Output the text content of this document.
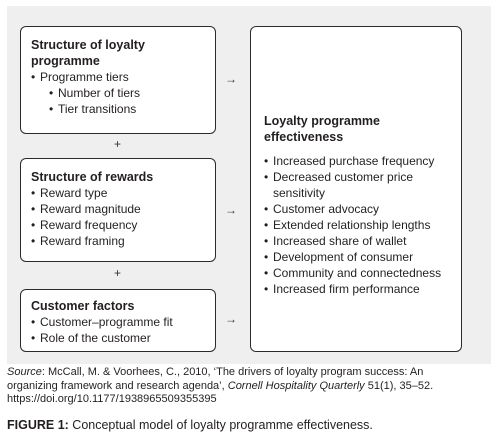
Structure of loyalty programme
• Programme tiers
• Number of tiers
• Tier transitions
+
Structure of rewards
• Reward type
• Reward magnitude
• Reward frequency
• Reward framing
+
Customer factors
• Customer–programme fit
• Role of the customer
→
→
→
Loyalty programme effectiveness
• Increased purchase frequency
• Decreased customer price
sensitivity
• Customer advocacy
• Extended relationship lengths
• Increased share of wallet
• Development of consumer
• Community and connectedness
• Increased firm performance
Source: McCall, M. & Voorhees, C., 2010, ‘The drivers of loyalty program success: An
organizing framework and research agenda’, Cornell Hospitality Quarterly 51(1), 35–52.
https://doi.org/10.1177/1938965509355395
FIGURE 1: Conceptual model of loyalty programme effectiveness.
